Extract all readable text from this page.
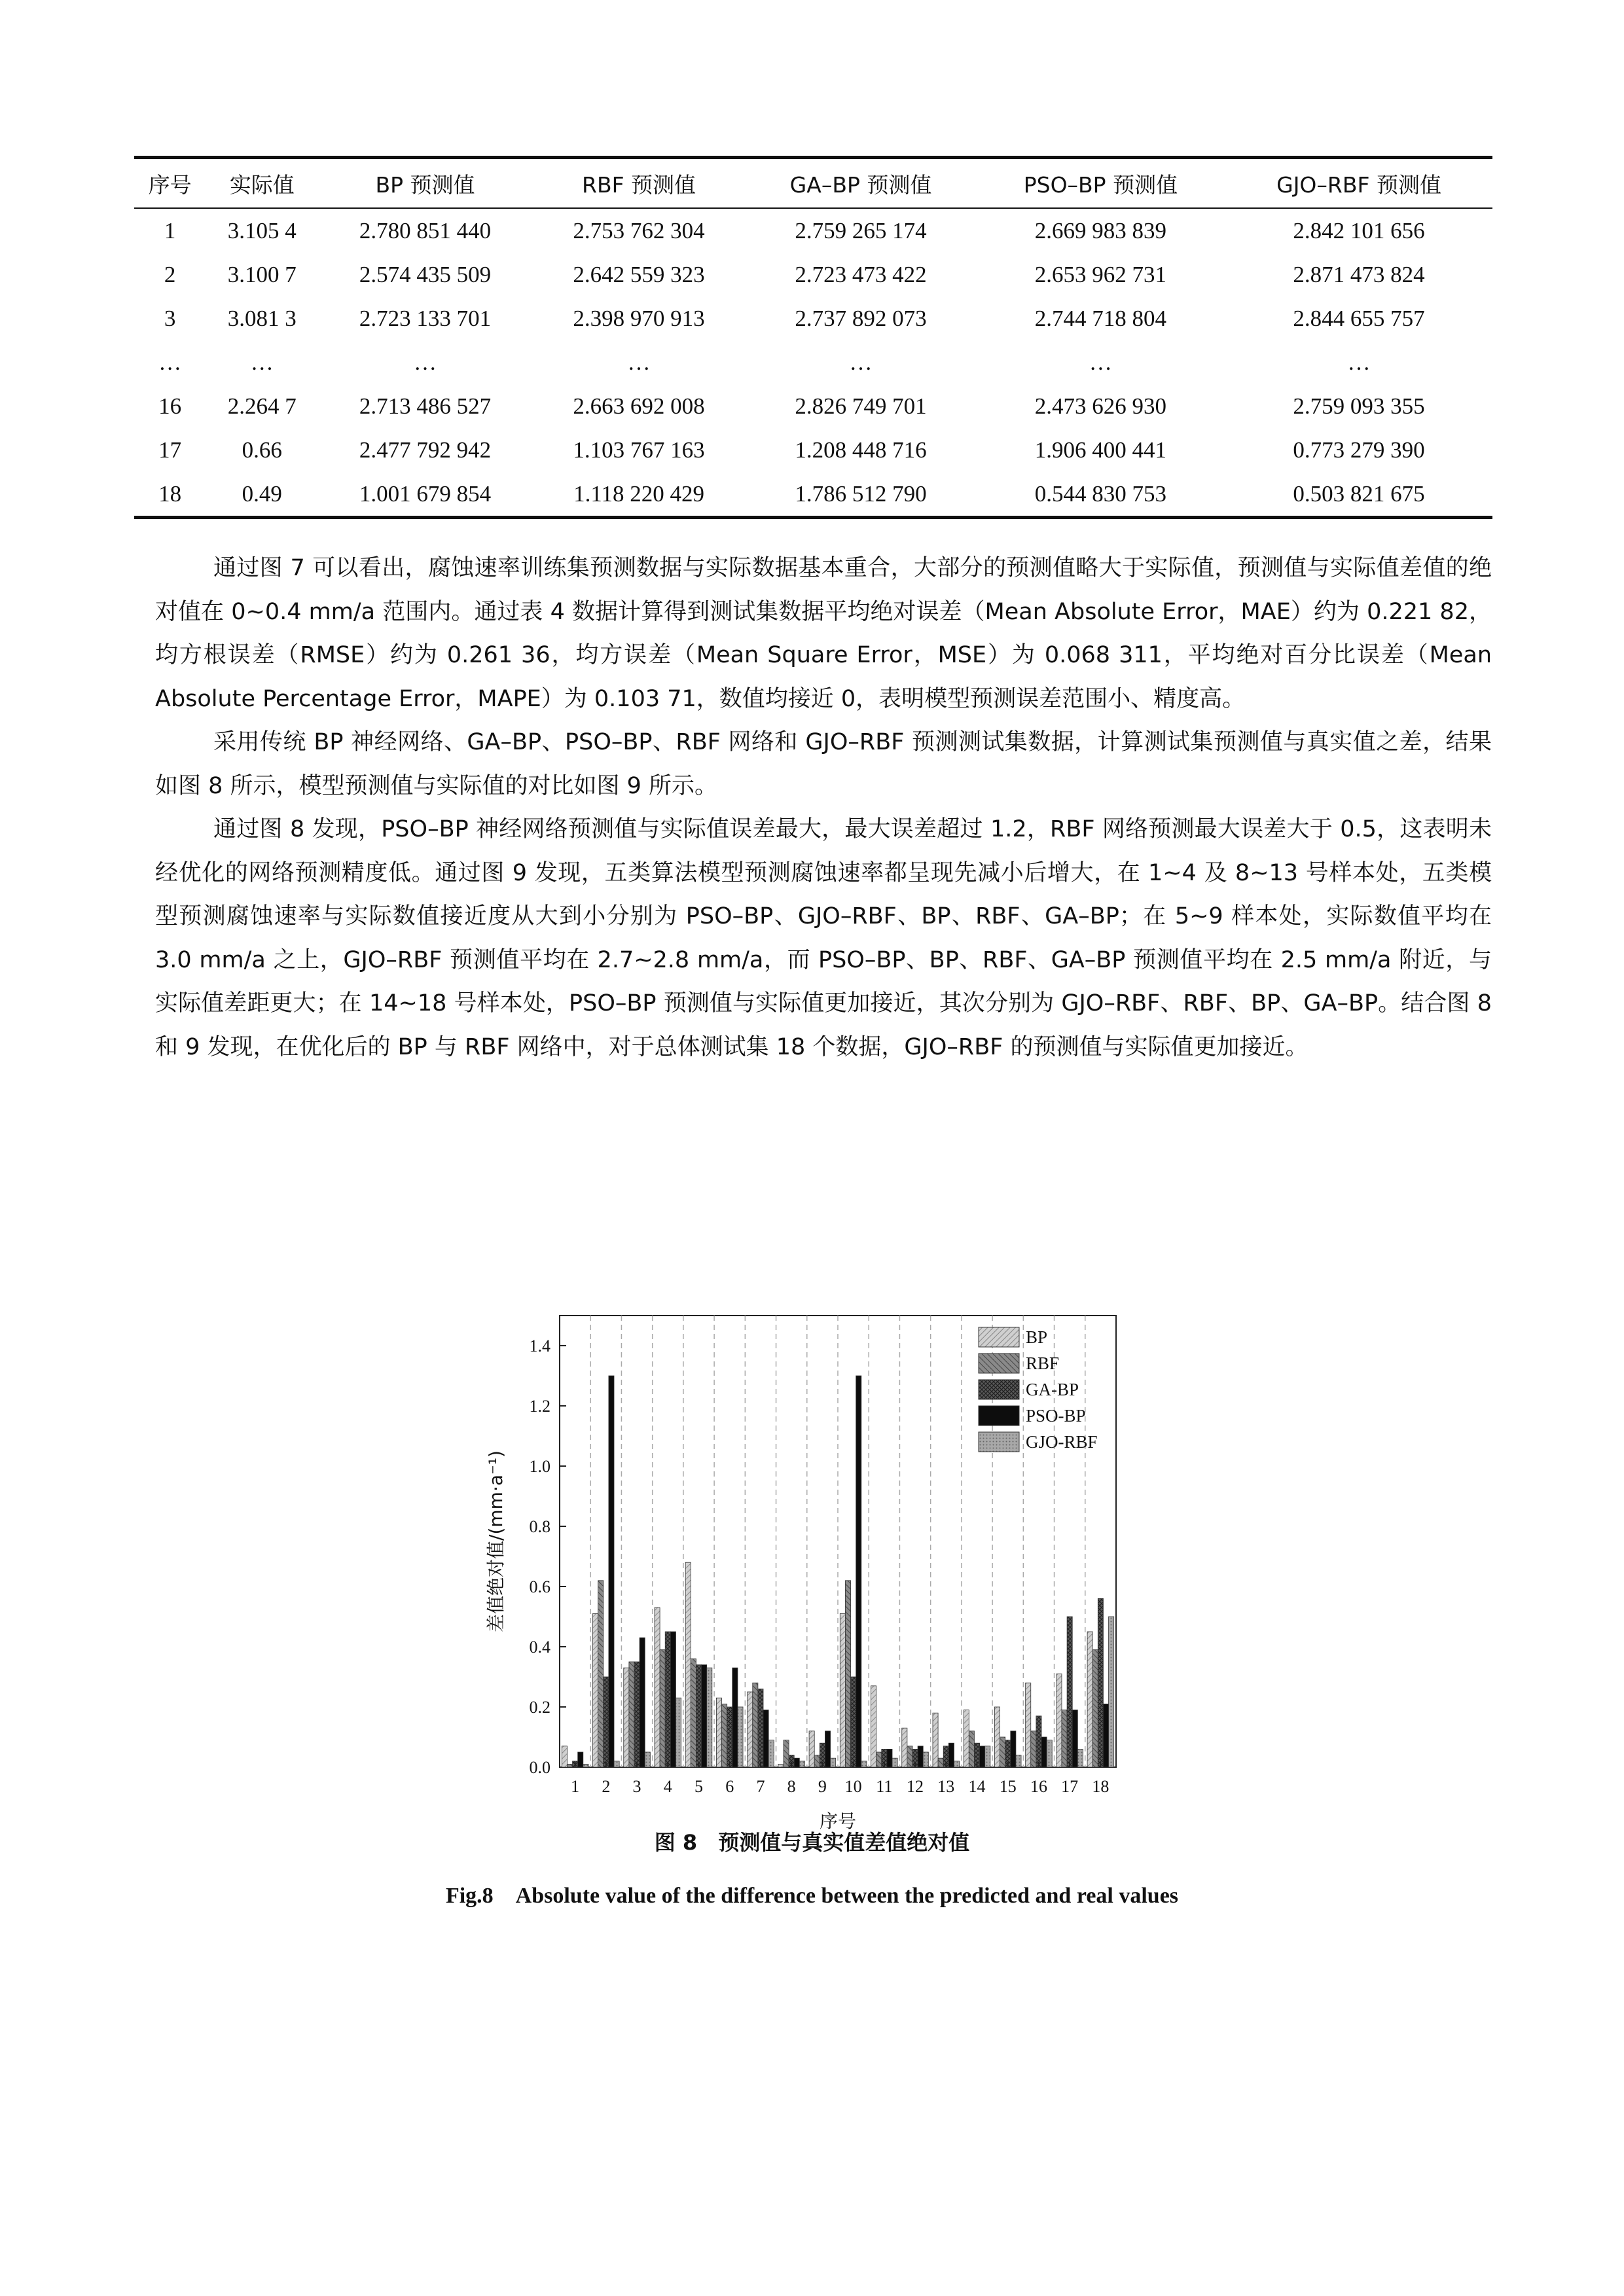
序号	实际值	BP 预测值	RBF 预测值	GA–BP 预测值	PSO–BP 预测值	GJO–RBF 预测值
1	3.105 4	2.780 851 440	2.753 762 304	2.759 265 174	2.669 983 839	2.842 101 656
2	3.100 7	2.574 435 509	2.642 559 323	2.723 473 422	2.653 962 731	2.871 473 824
3	3.081 3	2.723 133 701	2.398 970 913	2.737 892 073	2.744 718 804	2.844 655 757
…	…	…	…	…	…	…
16	2.264 7	2.713 486 527	2.663 692 008	2.826 749 701	2.473 626 930	2.759 093 355
17	0.66	2.477 792 942	1.103 767 163	1.208 448 716	1.906 400 441	0.773 279 390
18	0.49	1.001 679 854	1.118 220 429	1.786 512 790	0.544 830 753	0.503 821 675

通过图 7 可以看出，腐蚀速率训练集预测数据与实际数据基本重合，大部分的预测值略大于实际值，预测值与实际值差值的绝对值在 0~0.4 mm/a 范围内。通过表 4 数据计算得到测试集数据平均绝对误差（Mean Absolute Error，MAE）约为 0.221 82，均方根误差（RMSE）约为 0.261 36，均方误差（Mean Square Error，MSE）为 0.068 311，平均绝对百分比误差（Mean Absolute Percentage Error，MAPE）为 0.103 71，数值均接近 0，表明模型预测误差范围小、精度高。

采用传统 BP 神经网络、GA–BP、PSO–BP、RBF 网络和 GJO–RBF 预测测试集数据，计算测试集预测值与真实值之差，结果如图 8 所示，模型预测值与实际值的对比如图 9 所示。

通过图 8 发现，PSO–BP 神经网络预测值与实际值误差最大，最大误差超过 1.2，RBF 网络预测最大误差大于 0.5，这表明未经优化的网络预测精度低。通过图 9 发现，五类算法模型预测腐蚀速率都呈现先减小后增大，在 1~4 及 8~13 号样本处，五类模型预测腐蚀速率与实际数值接近度从大到小分别为 PSO–BP、GJO–RBF、BP、RBF、GA–BP；在 5~9 样本处，实际数值平均在 3.0 mm/a 之上，GJO–RBF 预测值平均在 2.7~2.8 mm/a，而 PSO–BP、BP、RBF、GA–BP 预测值平均在 2.5 mm/a 附近，与实际值差距更大；在 14~18 号样本处，PSO–BP 预测值与实际值更加接近，其次分别为 GJO–RBF、RBF、BP、GA–BP。结合图 8 和 9 发现，在优化后的 BP 与 RBF 网络中，对于总体测试集 18 个数据，GJO–RBF 的预测值与实际值更加接近。

0.0
0.2
0.4
0.6
0.8
1.0
1.2
1.4
1 2 3 4 5 6 7 8 9 10 11 12 13 14 15 16 17 18
序号
差值绝对值/(mm·a⁻¹)
BP
RBF
GA-BP
PSO-BP
GJO-RBF
图 8　预测值与真实值差值绝对值
Fig.8　Absolute value of the difference between the predicted and real values
